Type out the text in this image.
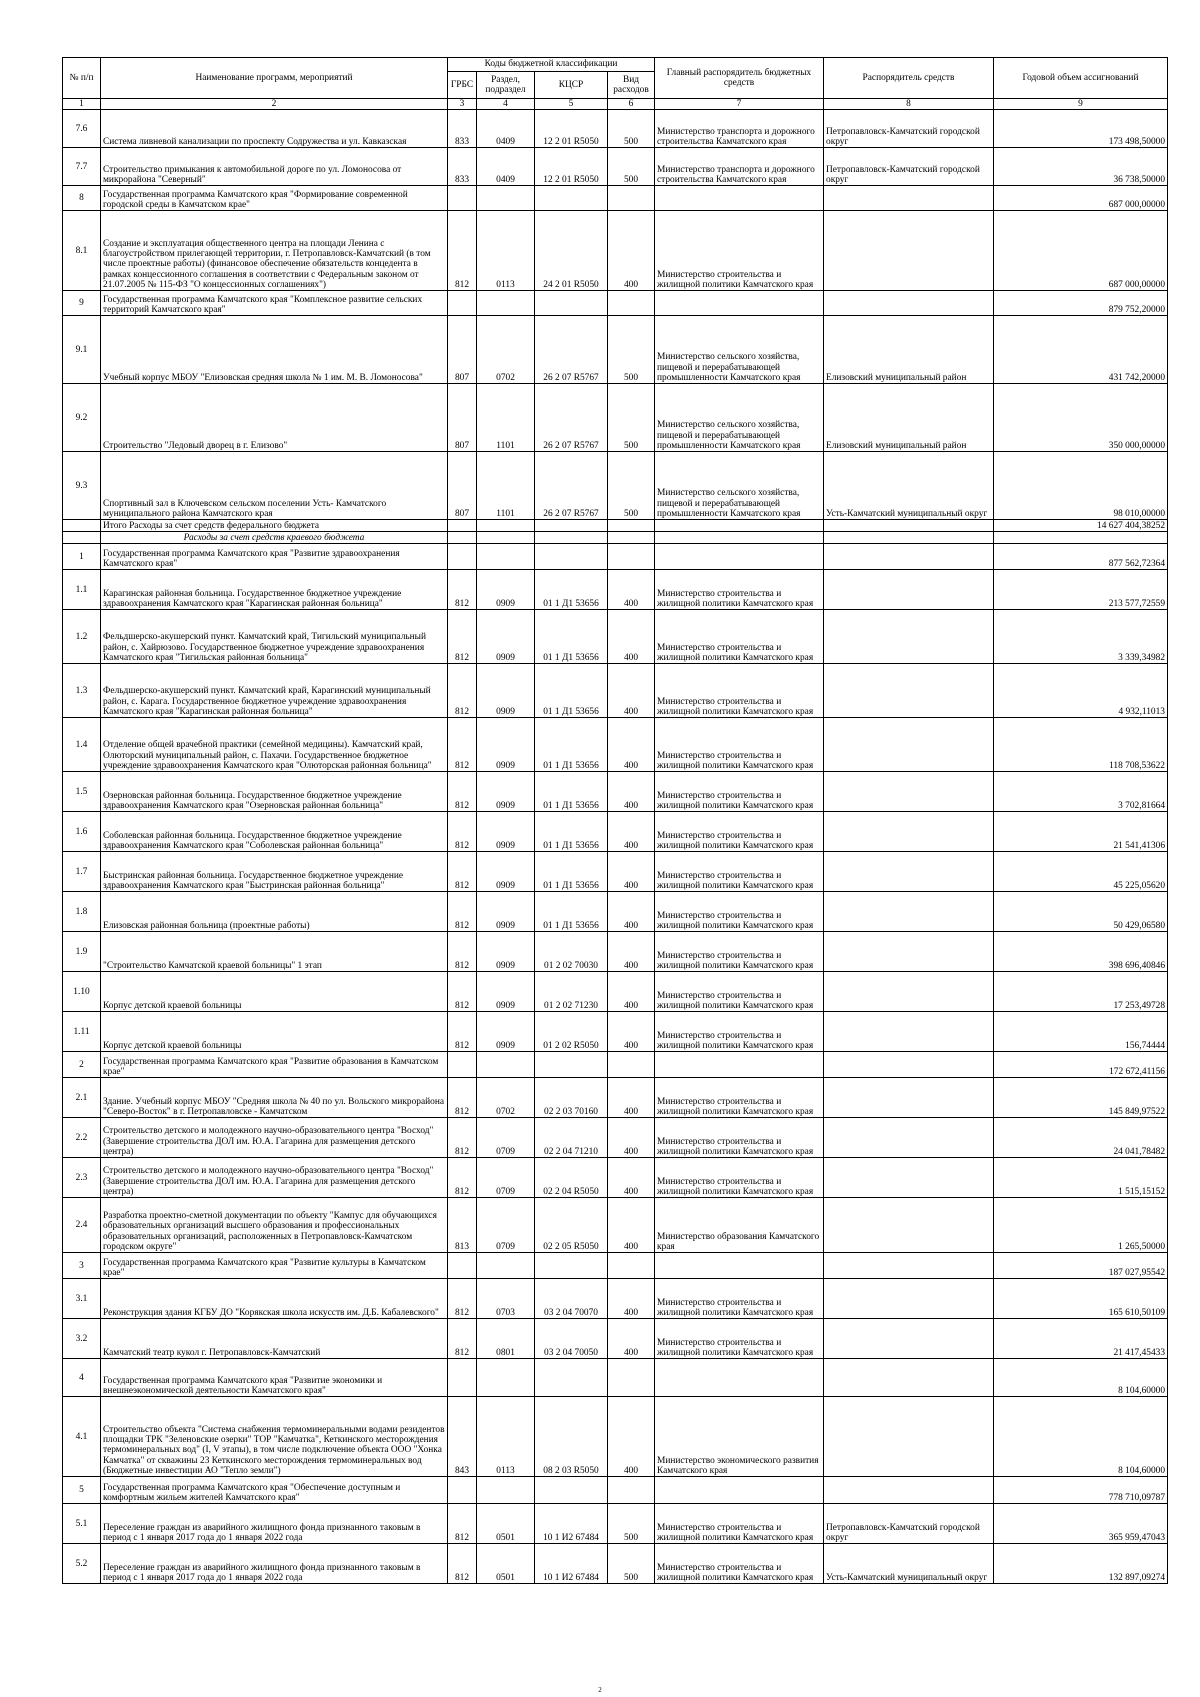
№ п/п	Наименование программ, мероприятий	Коды бюджетной классификации				Главный распорядитель бюджетных средств	Распорядитель средств	Годовой объем ассигнований
		ГРБС	Раздел, подраздел	КЦСР	Вид расходов			
1	2	3	4	5	6	7	8	9
7.6	Система ливневой канализации по проспекту Содружества и ул. Кавказская	833	0409	12 2 01 R5050	500	Министерство транспорта и дорожного строительства Камчатского края	Петропавловск-Камчатский городской округ	173 498,50000
7.7	Строительство примыкания к автомобильной дороге по ул. Ломоносова от микрорайона "Северный"	833	0409	12 2 01 R5050	500	Министерство транспорта и дорожного строительства Камчатского края	Петропавловск-Камчатский городской округ	36 738,50000
8	Государственная программа Камчатского края "Формирование современной городской среды в Камчатском крае"							687 000,00000
8.1	Создание и эксплуатация общественного центра на площади Ленина с благоустройством прилегающей территории, г. Петропавловск-Камчатский (в том числе проектные работы) (финансовое обеспечение обязательств концедента в рамках концессионного соглашения в соответствии с Федеральным законом от 21.07.2005 № 115-ФЗ "О концессионных соглашениях")	812	0113	24 2 01 R5050	400	Министерство строительства и жилищной политики Камчатского края		687 000,00000
9	Государственная программа Камчатского края "Комплексное развитие сельских территорий Камчатского края"							879 752,20000
9.1	Учебный корпус МБОУ "Елизовская средняя школа № 1 им. М. В. Ломоносова"	807	0702	26 2 07 R5767	500	Министерство сельского хозяйства, пищевой и перерабатывающей промышленности Камчатского края	Елизовский муниципальный район	431 742,20000
9.2	Строительство "Ледовый дворец в г. Елизово"	807	1101	26 2 07 R5767	500	Министерство сельского хозяйства, пищевой и перерабатывающей промышленности Камчатского края	Елизовский муниципальный район	350 000,00000
9.3	Спортивный зал в Ключевском сельском поселении Усть- Камчатского муниципального района Камчатского края	807	1101	26 2 07 R5767	500	Министерство сельского хозяйства, пищевой и перерабатывающей промышленности Камчатского края	Усть-Камчатский муниципальный округ	98 010,00000
	Итого Расходы за счет средств федерального бюджета							14 627 404,38252
	Расходы за счет средств краевого бюджета							
1	Государственная программа Камчатского края "Развитие здравоохранения Камчатского края"							877 562,72364
1.1	Карагинская районная больница. Государственное бюджетное учреждение здравоохранения Камчатского края "Карагинская районная больница"	812	0909	01 1 Д1 53656	400	Министерство строительства и жилищной политики Камчатского края		213 577,72559
1.2	Фельдшерско-акушерский пункт. Камчатский край, Тигильский муниципальный район, с. Хайрюзово. Государственное бюджетное учреждение здравоохранения Камчатского края "Тигильская районная больница"	812	0909	01 1 Д1 53656	400	Министерство строительства и жилищной политики Камчатского края		3 339,34982
1.3	Фельдшерско-акушерский пункт. Камчатский край, Карагинский муниципальный район, с. Карага. Государственное бюджетное учреждение здравоохранения Камчатского края "Карагинская районная больница"	812	0909	01 1 Д1 53656	400	Министерство строительства и жилищной политики Камчатского края		4 932,11013
1.4	Отделение общей врачебной практики (семейной медицины). Камчатский край, Олюторский муниципальный район, с. Пахачи. Государственное бюджетное учреждение здравоохранения Камчатского края "Олюторская районная больница"	812	0909	01 1 Д1 53656	400	Министерство строительства и жилищной политики Камчатского края		118 708,53622
1.5	Озерновская районная больница. Государственное бюджетное учреждение здравоохранения Камчатского края "Озерновская районная больница"	812	0909	01 1 Д1 53656	400	Министерство строительства и жилищной политики Камчатского края		3 702,81664
1.6	Соболевская районная больница. Государственное бюджетное учреждение здравоохранения Камчатского края "Соболевская районная больница"	812	0909	01 1 Д1 53656	400	Министерство строительства и жилищной политики Камчатского края		21 541,41306
1.7	Быстринская районная больница. Государственное бюджетное учреждение здравоохранения Камчатского края "Быстринская районная больница"	812	0909	01 1 Д1 53656	400	Министерство строительства и жилищной политики Камчатского края		45 225,05620
1.8	Елизовская районная больница (проектные работы)	812	0909	01 1 Д1 53656	400	Министерство строительства и жилищной политики Камчатского края		50 429,06580
1.9	"Строительство Камчатской краевой больницы" 1 этап	812	0909	01 2 02 70030	400	Министерство строительства и жилищной политики Камчатского края		398 696,40846
1.10	Корпус детской краевой больницы	812	0909	01 2 02 71230	400	Министерство строительства и жилищной политики Камчатского края		17 253,49728
1.11	Корпус детской краевой больницы	812	0909	01 2 02 R5050	400	Министерство строительства и жилищной политики Камчатского края		156,74444
2	Государственная программа Камчатского края "Развитие образования в Камчатском крае"							172 672,41156
2.1	Здание. Учебный корпус МБОУ "Средняя школа № 40 по ул. Вольского микрорайона "Северо-Восток" в г. Петропавловске - Камчатском	812	0702	02 2 03 70160	400	Министерство строительства и жилищной политики Камчатского края		145 849,97522
2.2	Строительство детского и молодежного научно-образовательного центра "Восход" (Завершение строительства ДОЛ им. Ю.А. Гагарина для размещения детского центра)	812	0709	02 2 04 71210	400	Министерство строительства и жилищной политики Камчатского края		24 041,78482
2.3	Строительство детского и молодежного научно-образовательного центра "Восход" (Завершение строительства ДОЛ им. Ю.А. Гагарина для размещения детского центра)	812	0709	02 2 04 R5050	400	Министерство строительства и жилищной политики Камчатского края		1 515,15152
2.4	Разработка проектно-сметной документации по объекту "Кампус для обучающихся образовательных организаций высшего образования и профессиональных образовательных организаций, расположенных в Петропавловск-Камчатском городском округе"	813	0709	02 2 05 R5050	400	Министерство образования Камчатского края		1 265,50000
3	Государственная программа Камчатского края "Развитие культуры в Камчатском крае"							187 027,95542
3.1	Реконструкция здания КГБУ ДО "Корякская школа искусств им. Д.Б. Кабалевского"	812	0703	03 2 04 70070	400	Министерство строительства и жилищной политики Камчатского края		165 610,50109
3.2	Камчатский театр кукол г. Петропавловск-Камчатский	812	0801	03 2 04 70050	400	Министерство строительства и жилищной политики Камчатского края		21 417,45433
4	Государственная программа Камчатского края "Развитие экономики и внешнеэкономической деятельности Камчатского края"							8 104,60000
4.1	Строительство объекта "Система снабжения термоминеральными водами резидентов площадки ТРК "Зеленовские озерки" ТОР "Камчатка", Кеткинского месторождения термоминеральных вод" (I, V этапы), в том числе подключение объекта ООО "Хонка Камчатка" от скважины 23 Кеткинского месторождения термоминеральных вод (Бюджетные инвестиции АО "Тепло земли")	843	0113	08 2 03 R5050	400	Министерство экономического развития Камчатского края		8 104,60000
5	Государственная программа Камчатского края "Обеспечение доступным и комфортным жильем жителей Камчатского края"							778 710,09787
5.1	Переселение граждан из аварийного жилищного фонда признанного таковым в период с 1 января 2017 года до 1 января 2022 года	812	0501	10 1 И2 67484	500	Министерство строительства и жилищной политики Камчатского края	Петропавловск-Камчатский городской округ	365 959,47043
5.2	Переселение граждан из аварийного жилищного фонда признанного таковым в период с 1 января 2017 года до 1 января 2022 года	812	0501	10 1 И2 67484	500	Министерство строительства и жилищной политики Камчатского края	Усть-Камчатский муниципальный округ	132 897,09274
2
